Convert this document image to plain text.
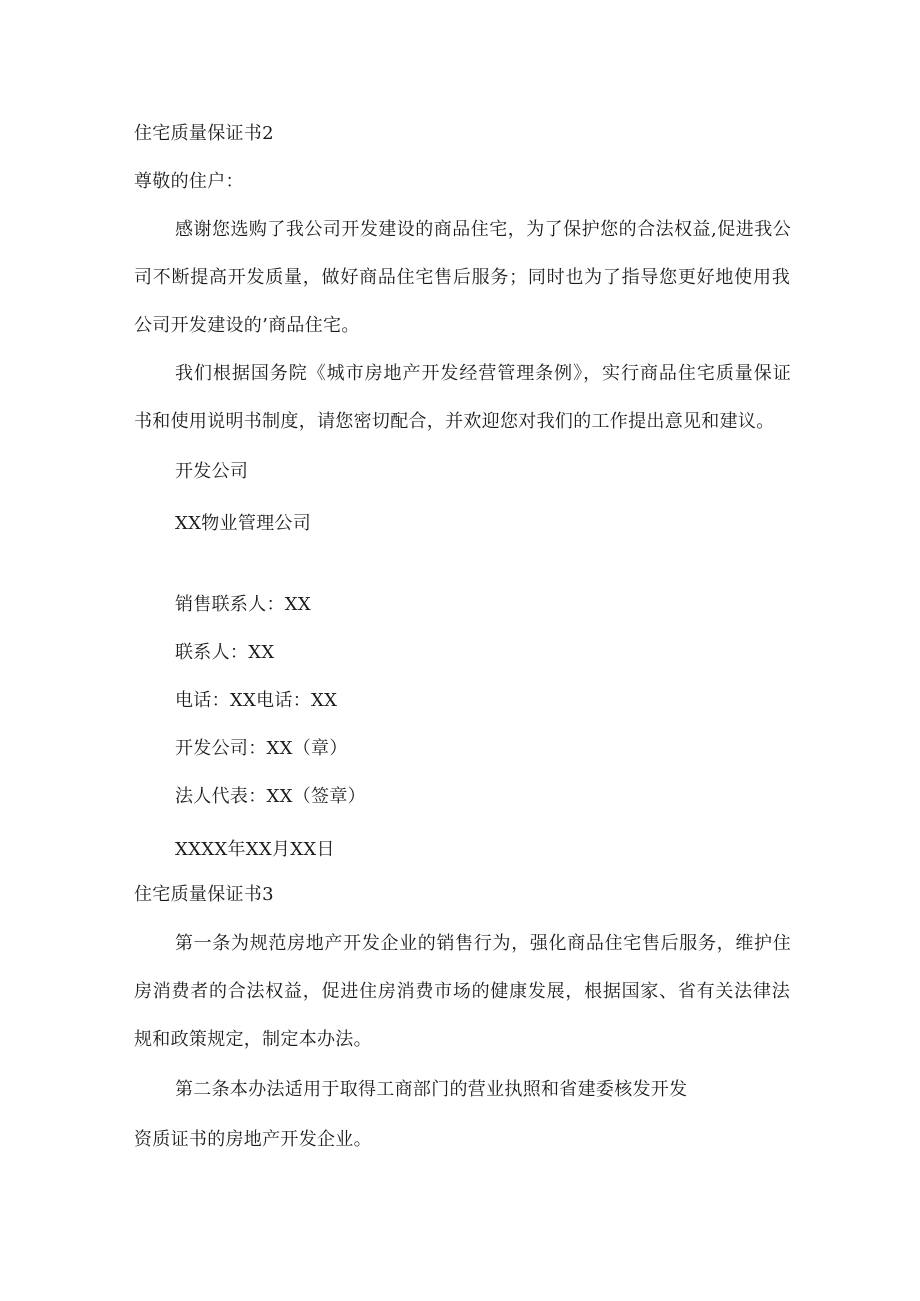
住宅质量保证书2
尊敬的住户：
感谢您选购了我公司开发建设的商品住宅，为了保护您的合法权益,促进我公
司不断提高开发质量，做好商品住宅售后服务；同时也为了指导您更好地使用我
公司开发建设的’商品住宅。
我们根据国务院《城市房地产开发经营管理条例》，实行商品住宅质量保证
书和使用说明书制度，请您密切配合，并欢迎您对我们的工作提出意见和建议。
开发公司
XX物业管理公司
销售联系人：XX
联系人：XX
电话：XX电话：XX
开发公司：XX（章）
法人代表：XX（签章）
XXXX年XX月XX日
住宅质量保证书3
第一条为规范房地产开发企业的销售行为，强化商品住宅售后服务，维护住
房消费者的合法权益，促进住房消费市场的健康发展，根据国家、省有关法律法
规和政策规定，制定本办法。
第二条本办法适用于取得工商部门的营业执照和省建委核发开发
资质证书的房地产开发企业。
